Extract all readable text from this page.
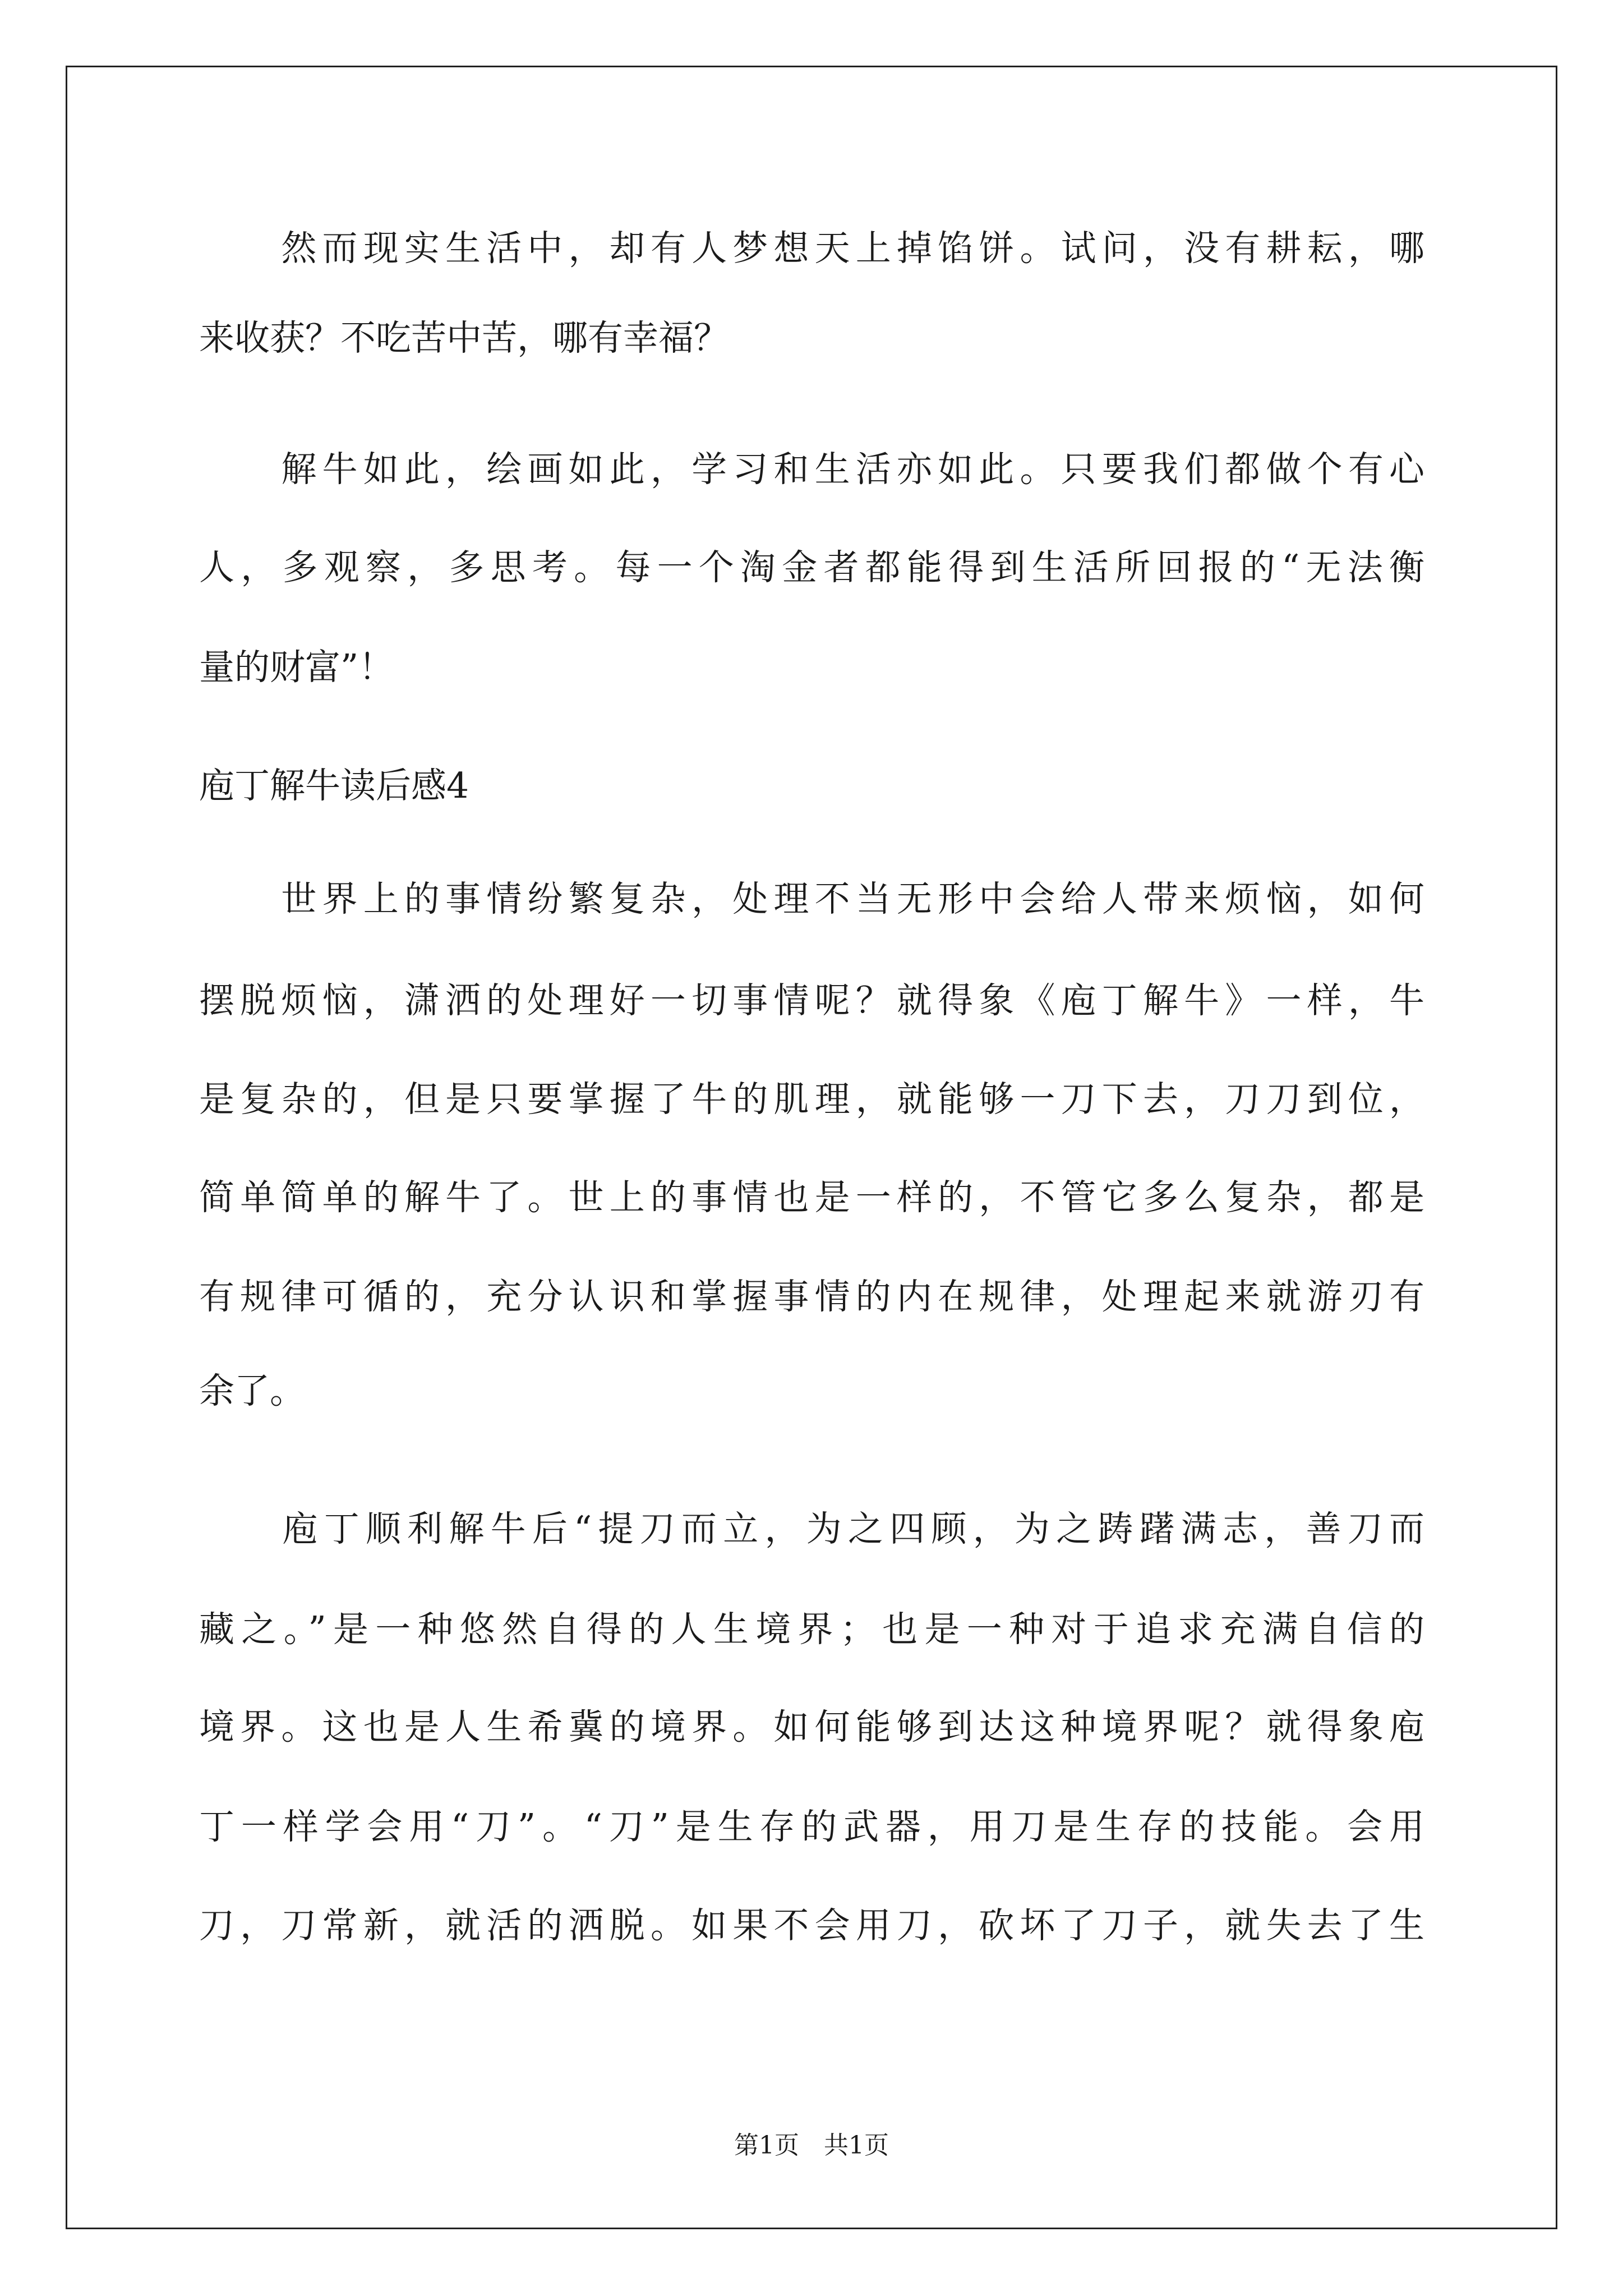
　　然而现实生活中，却有人梦想天上掉馅饼。试问，没有耕耘，哪
来收获？不吃苦中苦，哪有幸福？
　　解牛如此，绘画如此，学习和生活亦如此。只要我们都做个有心
人，多观察，多思考。每一个淘金者都能得到生活所回报的“无法衡
量的财富”！
庖丁解牛读后感4
　　世界上的事情纷繁复杂，处理不当无形中会给人带来烦恼，如何
摆脱烦恼，潇洒的处理好一切事情呢？就得象《庖丁解牛》一样，牛
是复杂的，但是只要掌握了牛的肌理，就能够一刀下去，刀刀到位，
简单简单的解牛了。世上的事情也是一样的，不管它多么复杂，都是
有规律可循的，充分认识和掌握事情的内在规律，处理起来就游刃有
余了。
　　庖丁顺利解牛后“提刀而立，为之四顾，为之踌躇满志，善刀而
藏之。”是一种悠然自得的人生境界；也是一种对于追求充满自信的
境界。这也是人生希冀的境界。如何能够到达这种境界呢？就得象庖
丁一样学会用“刀”。“刀”是生存的武器，用刀是生存的技能。会用
刀，刀常新，就活的洒脱。如果不会用刀，砍坏了刀子，就失去了生
第1页　共1页
